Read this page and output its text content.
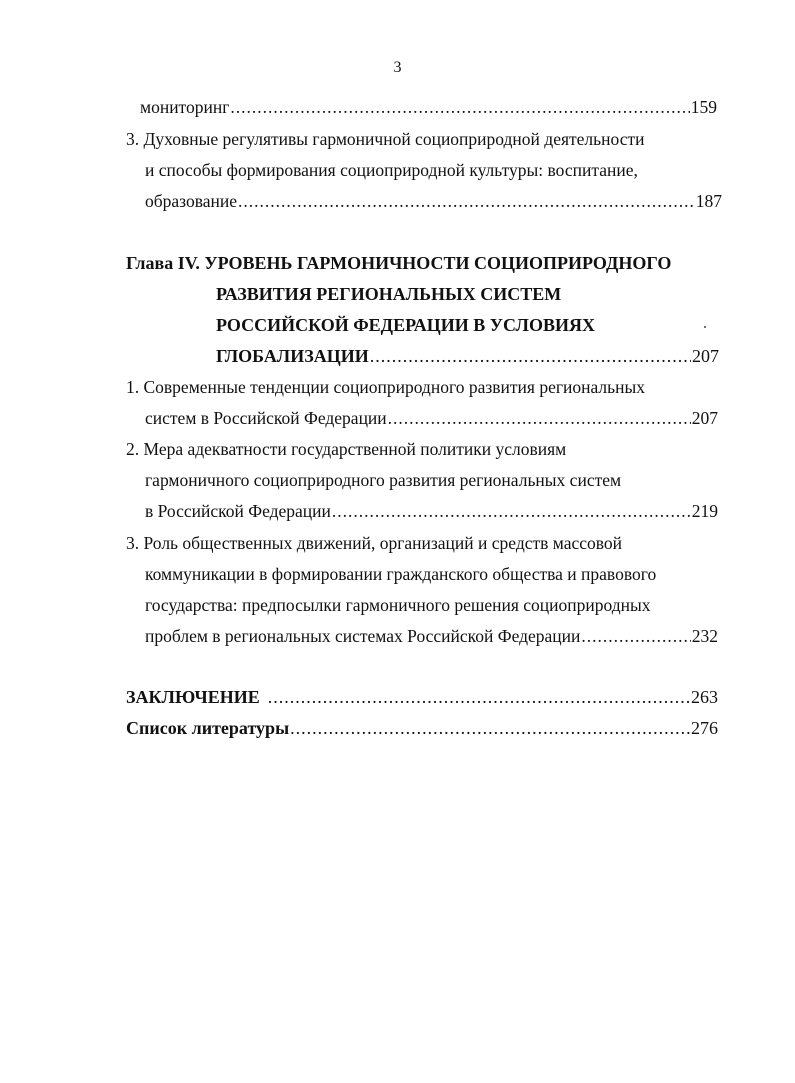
3
мониторинг .....	159
3. Духовные регулятивы гармоничной социоприродной деятельности
и способы формирования социоприродной культуры: воспитание,
образование .....	187
Глава IV. УРОВЕНЬ ГАРМОНИЧНОСТИ СОЦИОПРИРОДНОГО
РАЗВИТИЯ РЕГИОНАЛЬНЫХ СИСТЕМ
РОССИЙСКОЙ ФЕДЕРАЦИИ В УСЛОВИЯХ
ГЛОБАЛИЗАЦИИ .....	207
1. Современные тенденции социоприродного развития региональных
систем в Российской Федерации .....	207
2. Мера адекватности государственной политики условиям
гармоничного социоприродного развития региональных систем
в Российской Федерации .....	219
3. Роль общественных движений, организаций и средств массовой
коммуникации в формировании гражданского общества и правового
государства: предпосылки гармоничного решения социоприродных
проблем в региональных системах Российской Федерации .....	232
ЗАКЛЮЧЕНИЕ .....	263
Список литературы .....	276
